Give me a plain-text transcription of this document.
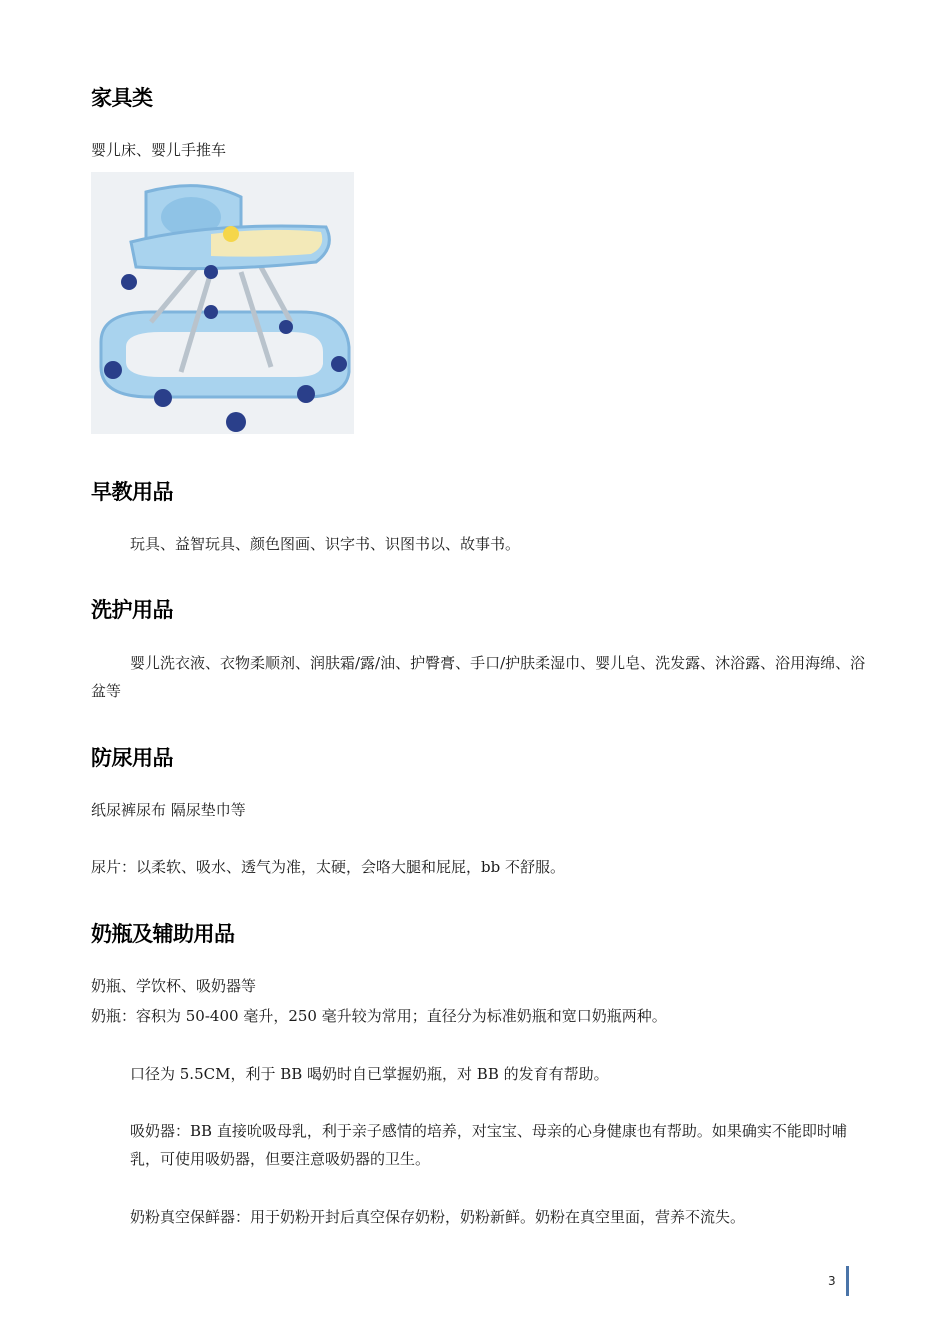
家具类
婴儿床、婴儿手推车
早教用品
玩具、益智玩具、颜色图画、识字书、识图书以、故事书。
洗护用品
婴儿洗衣液、衣物柔顺剂、润肤霜/露/油、护臀膏、手口/护肤柔湿巾、婴儿皂、洗发露、沐浴露、浴用海绵、浴盆等
防尿用品
纸尿裤尿布 隔尿垫巾等
尿片：以柔软、吸水、透气为准，太硬，会咯大腿和屁屁，bb 不舒服。
奶瓶及辅助用品
奶瓶、学饮杯、吸奶器等
奶瓶：容积为 50-400 毫升，250 毫升较为常用；直径分为标准奶瓶和宽口奶瓶两种。
口径为 5.5CM，利于 BB 喝奶时自已掌握奶瓶，对 BB 的发育有帮助。
吸奶器：BB 直接吮吸母乳，利于亲子感情的培养，对宝宝、母亲的心身健康也有帮助。如果确实不能即时哺乳，可使用吸奶器，但要注意吸奶器的卫生。
奶粉真空保鲜器：用于奶粉开封后真空保存奶粉，奶粉新鲜。奶粉在真空里面，营养不流失。
3
